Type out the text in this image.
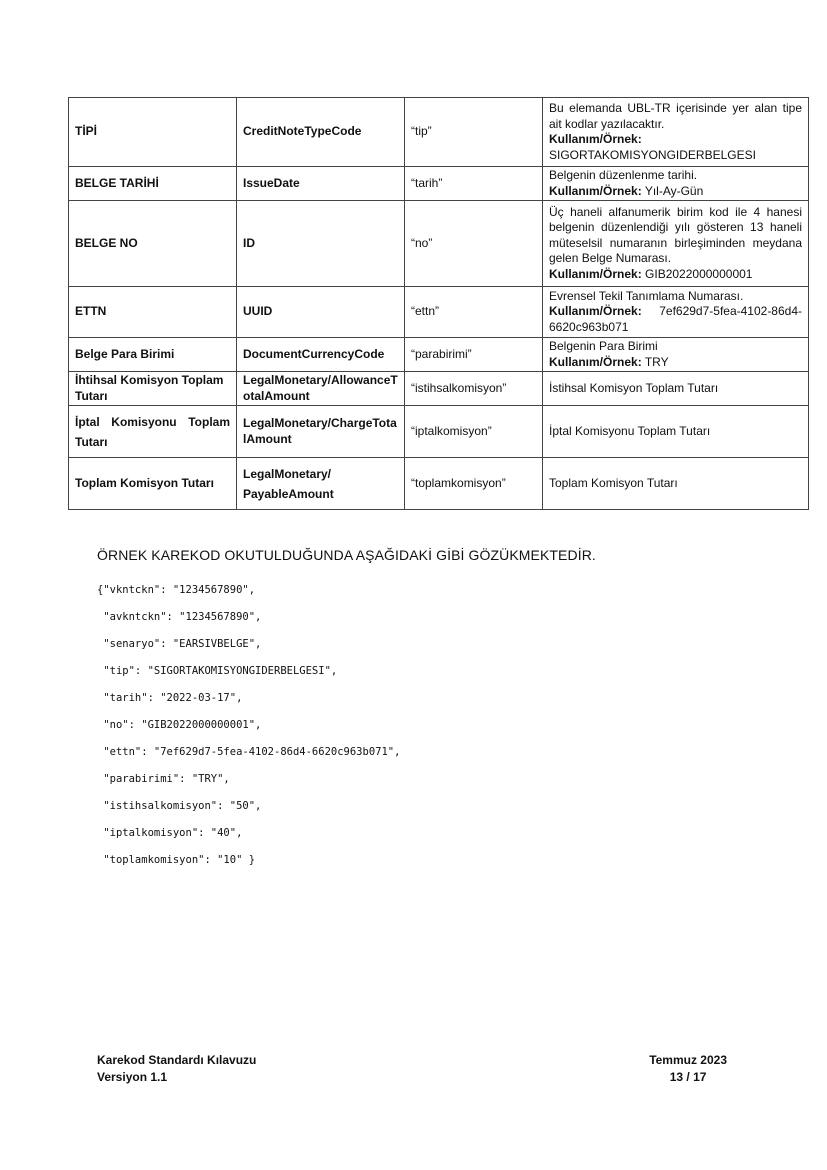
TİPİ	CreditNoteTypeCode	“tip”	Bu elemanda UBL-TR içerisinde yer alan tipe ait kodlar yazılacaktır.
Kullanım/Örnek:
SIGORTAKOMISYONGIDERBELGESI
BELGE TARİHİ	IssueDate	“tarih”	Belgenin düzenlenme tarihi.
Kullanım/Örnek: Yıl-Ay-Gün
BELGE NO	ID	“no”	Üç haneli alfanumerik birim kod ile 4 hanesi belgenin düzenlendiği yılı gösteren 13 haneli müteselsil numaranın birleşiminden meydana gelen Belge Numarası.
Kullanım/Örnek: GIB2022000000001
ETTN	UUID	“ettn”	Evrensel Tekil Tanımlama Numarası.
Kullanım/Örnek: 7ef629d7-5fea-4102-86d4-6620c963b071
Belge Para Birimi	DocumentCurrencyCode	“parabirimi”	Belgenin Para Birimi
Kullanım/Örnek: TRY
İhtihsal Komisyon Toplam Tutarı	LegalMonetary/AllowanceTotalAmount	“istihsalkomisyon”	İstihsal Komisyon Toplam Tutarı
İptal Komisyonu Toplam Tutarı	LegalMonetary/ChargeTotalAmount	“iptalkomisyon”	İptal Komisyonu Toplam Tutarı
Toplam Komisyon Tutarı	LegalMonetary/ PayableAmount	“toplamkomisyon”	Toplam Komisyon Tutarı
ÖRNEK KAREKOD OKUTULDUĞUNDA AŞAĞIDAKİ GİBİ GÖZÜKMEKTEDİR.
{"vkntckn": "1234567890",
"avkntckn": "1234567890",
"senaryo": "EARSIVBELGE",
"tip": "SIGORTAKOMISYONGIDERBELGESI",
"tarih": "2022-03-17",
"no": "GIB2022000000001",
"ettn": "7ef629d7-5fea-4102-86d4-6620c963b071",
"parabirimi": "TRY",
"istihsalkomisyon": "50",
"iptalkomisyon": "40",
"toplamkomisyon": "10" }
Karekod Standardı Kılavuzu
Versiyon 1.1
Temmuz 2023
13 / 17
